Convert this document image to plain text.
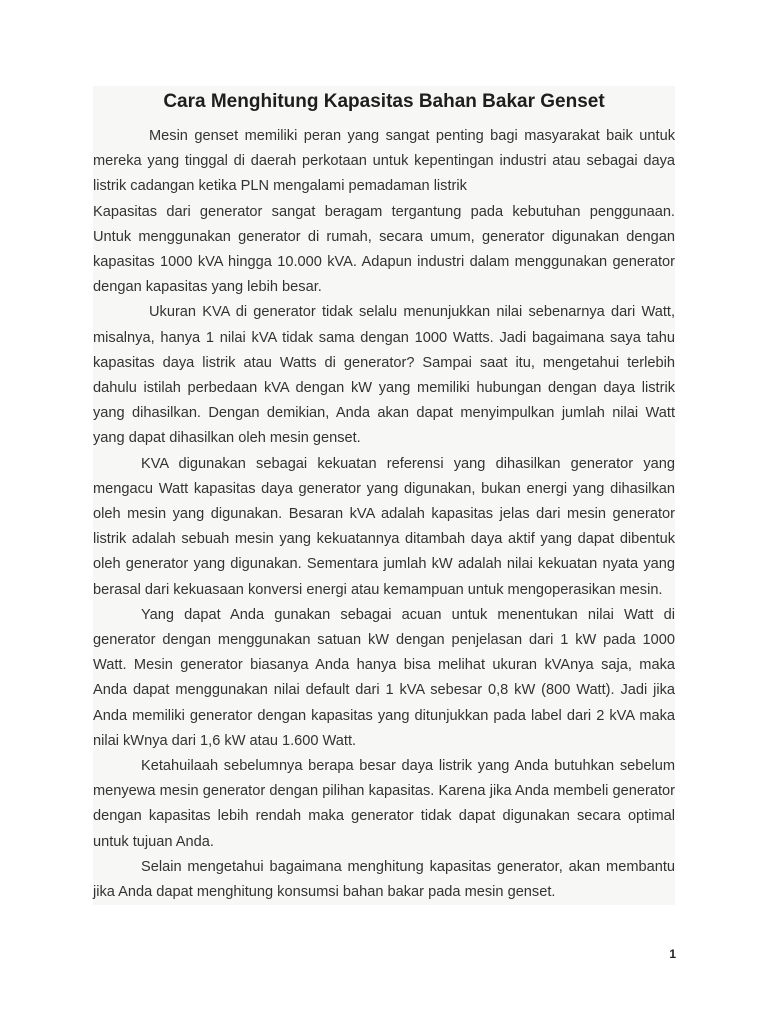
Cara Menghitung Kapasitas Bahan Bakar Genset

Mesin genset memiliki peran yang sangat penting bagi masyarakat baik untuk mereka yang tinggal di daerah perkotaan untuk kepentingan industri atau sebagai daya listrik cadangan ketika PLN mengalami pemadaman listrik

Kapasitas dari generator sangat beragam tergantung pada kebutuhan penggunaan. Untuk menggunakan generator di rumah, secara umum, generator digunakan dengan kapasitas 1000 kVA hingga 10.000 kVA. Adapun industri dalam menggunakan generator dengan kapasitas yang lebih besar.

Ukuran KVA di generator tidak selalu menunjukkan nilai sebenarnya dari Watt, misalnya, hanya 1 nilai kVA tidak sama dengan 1000 Watts. Jadi bagaimana saya tahu kapasitas daya listrik atau Watts di generator? Sampai saat itu, mengetahui terlebih dahulu istilah perbedaan kVA dengan kW yang memiliki hubungan dengan daya listrik yang dihasilkan. Dengan demikian, Anda akan dapat menyimpulkan jumlah nilai Watt yang dapat dihasilkan oleh mesin genset.

KVA digunakan sebagai kekuatan referensi yang dihasilkan generator yang mengacu Watt kapasitas daya generator yang digunakan, bukan energi yang dihasilkan oleh mesin yang digunakan. Besaran kVA adalah kapasitas jelas dari mesin generator listrik adalah sebuah mesin yang kekuatannya ditambah daya aktif yang dapat dibentuk oleh generator yang digunakan. Sementara jumlah kW adalah nilai kekuatan nyata yang berasal dari kekuasaan konversi energi atau kemampuan untuk mengoperasikan mesin.

Yang dapat Anda gunakan sebagai acuan untuk menentukan nilai Watt di generator dengan menggunakan satuan kW dengan penjelasan dari 1 kW pada 1000 Watt. Mesin generator biasanya Anda hanya bisa melihat ukuran kVAnya saja, maka Anda dapat menggunakan nilai default dari 1 kVA sebesar 0,8 kW (800 Watt). Jadi jika Anda memiliki generator dengan kapasitas yang ditunjukkan pada label dari 2 kVA maka nilai kWnya dari 1,6 kW atau 1.600 Watt.

Ketahuilaah sebelumnya berapa besar daya listrik yang Anda butuhkan sebelum menyewa mesin generator dengan pilihan kapasitas. Karena jika Anda membeli generator dengan kapasitas lebih rendah maka generator tidak dapat digunakan secara optimal untuk tujuan Anda.

Selain mengetahui bagaimana menghitung kapasitas generator, akan membantu jika Anda dapat menghitung konsumsi bahan bakar pada mesin genset.

1
